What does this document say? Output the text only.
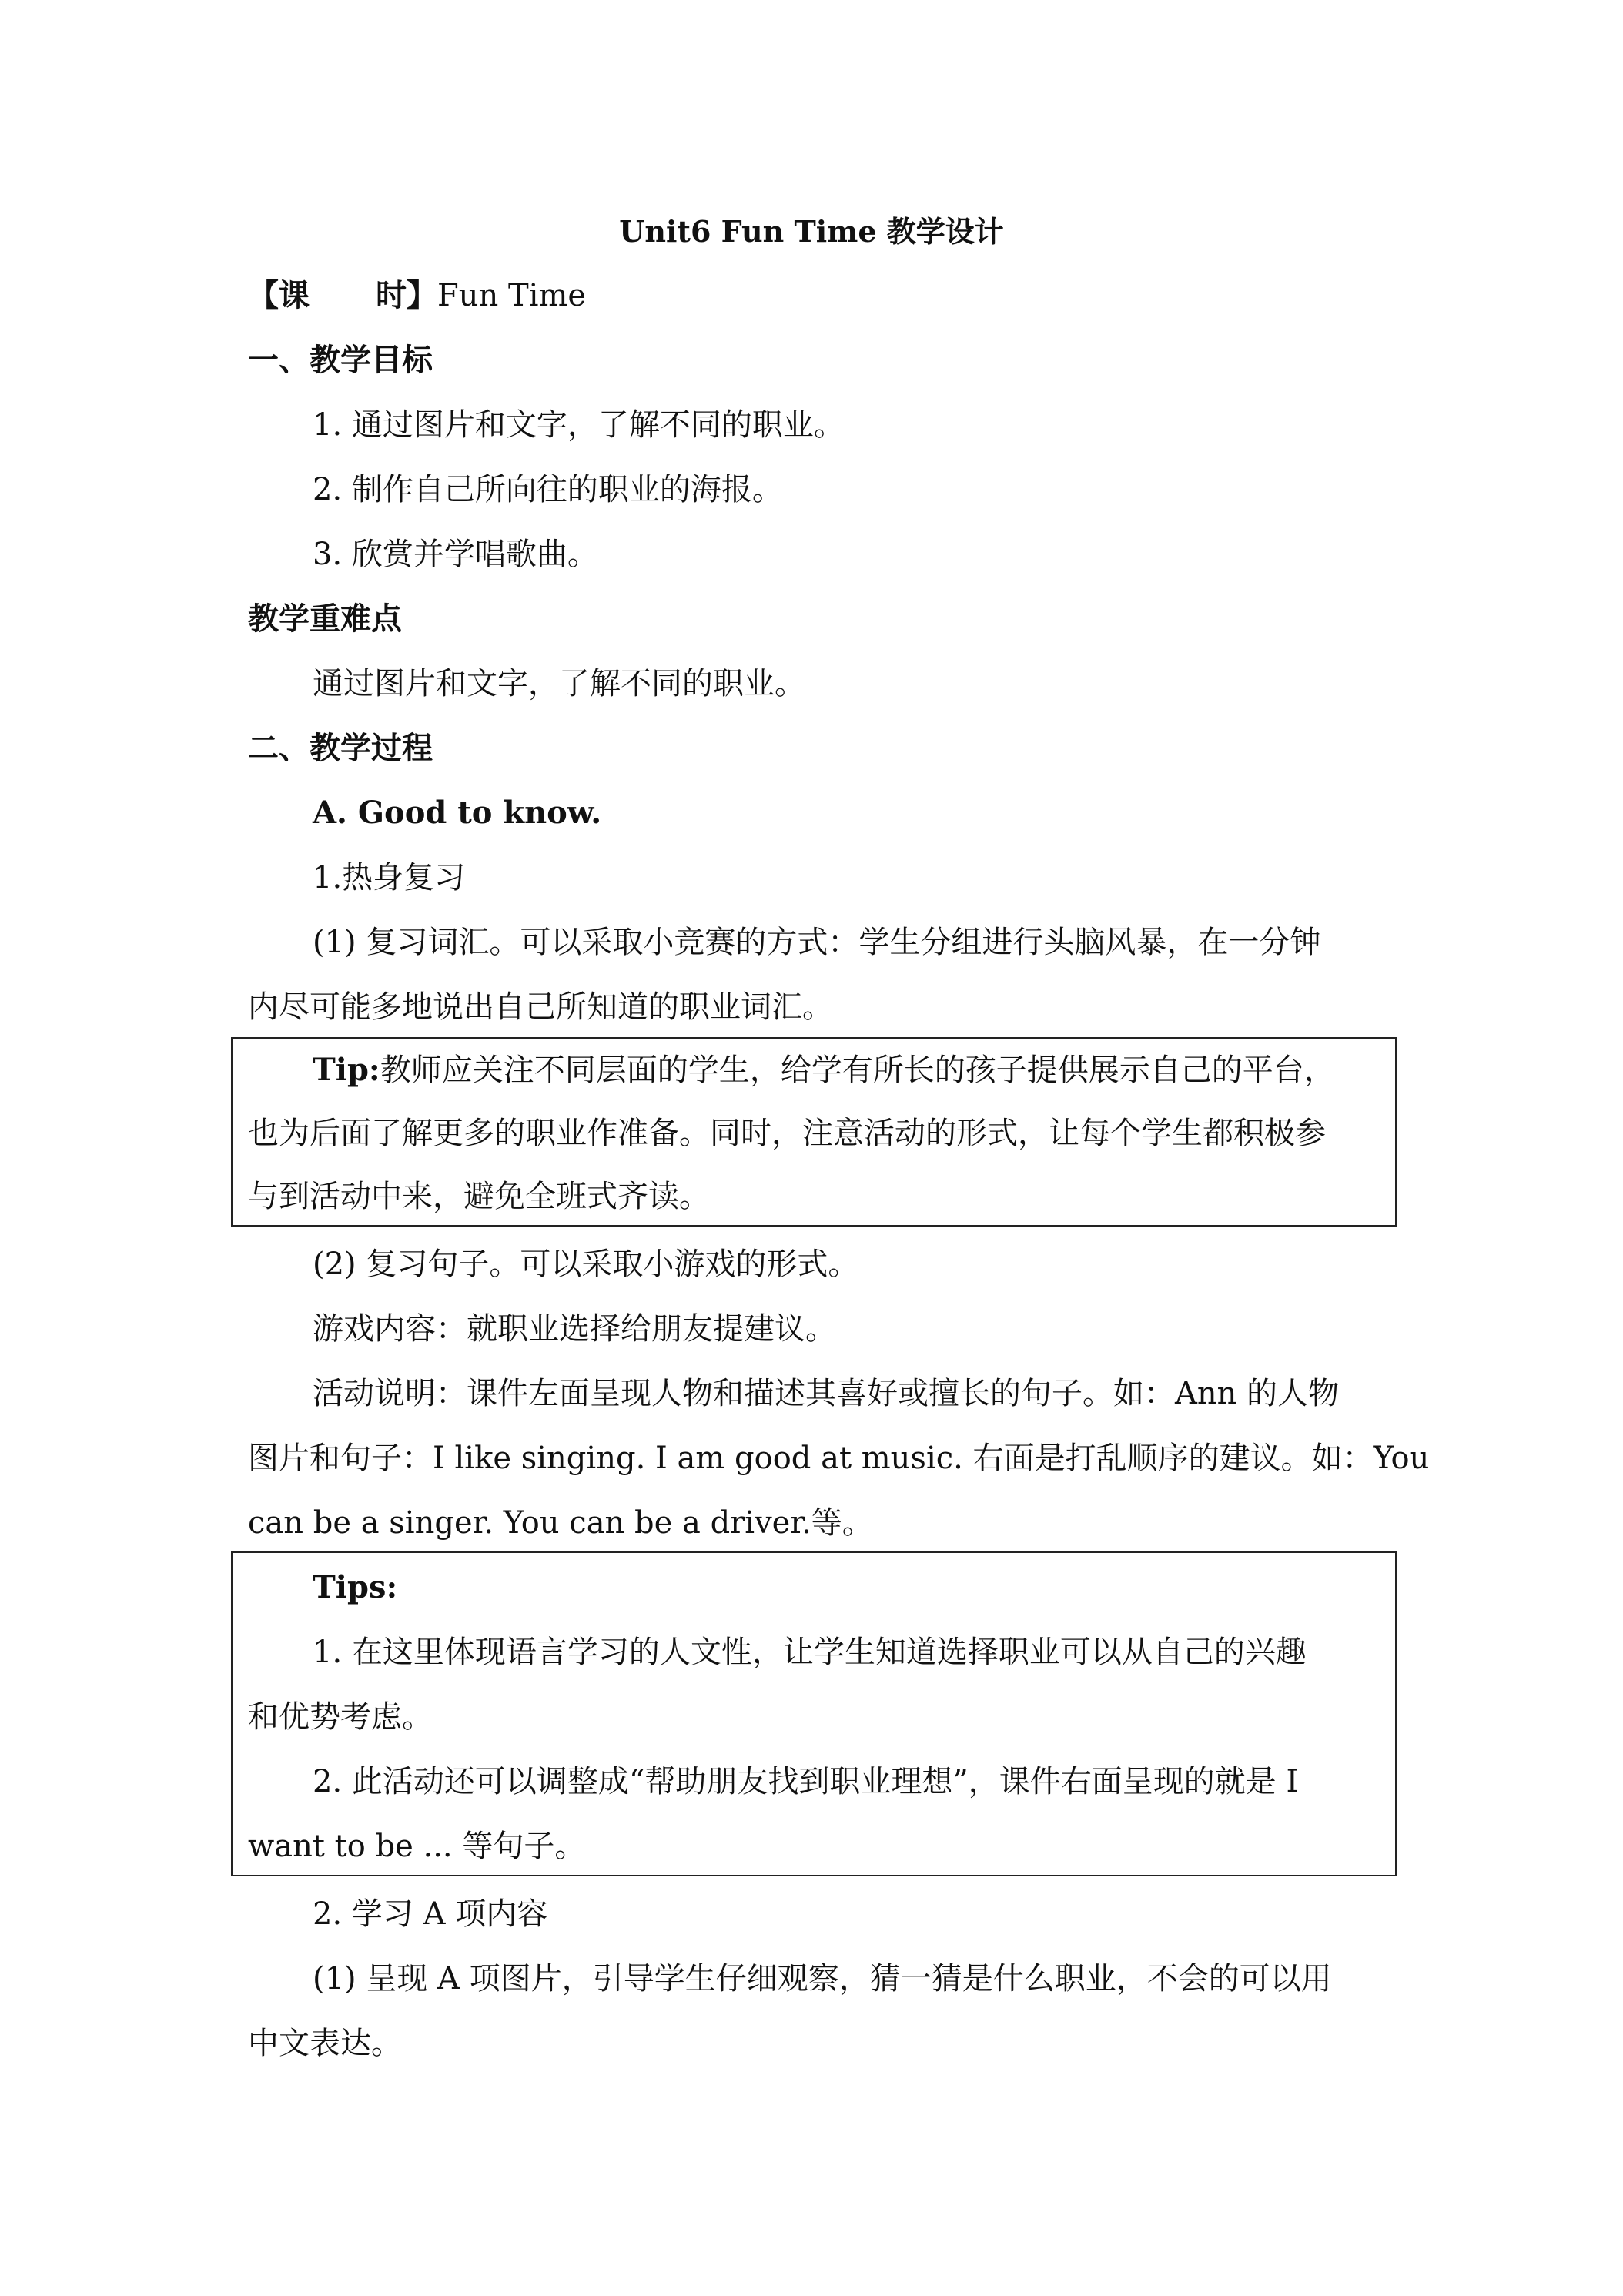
Unit6 Fun Time 教学设计
【课 时】Fun Time
一、教学目标
1. 通过图片和文字，了解不同的职业。
2. 制作自己所向往的职业的海报。
3. 欣赏并学唱歌曲。
教学重难点
通过图片和文字，了解不同的职业。
二、教学过程
A. Good to know.
1.热身复习
(1) 复习词汇。可以采取小竞赛的方式：学生分组进行头脑风暴，在一分钟
内尽可能多地说出自己所知道的职业词汇。
Tip:教师应关注不同层面的学生，给学有所长的孩子提供展示自己的平台，
也为后面了解更多的职业作准备。同时，注意活动的形式，让每个学生都积极参
与到活动中来，避免全班式齐读。
(2) 复习句子。可以采取小游戏的形式。
游戏内容：就职业选择给朋友提建议。
活动说明：课件左面呈现人物和描述其喜好或擅长的句子。如：Ann 的人物
图片和句子：I like singing. I am good at music. 右面是打乱顺序的建议。如：You
can be a singer. You can be a driver.等。
Tips:
1. 在这里体现语言学习的人文性，让学生知道选择职业可以从自己的兴趣
和优势考虑。
2. 此活动还可以调整成“帮助朋友找到职业理想”，课件右面呈现的就是 I
want to be ... 等句子。
2. 学习 A 项内容
(1) 呈现 A 项图片，引导学生仔细观察，猜一猜是什么职业，不会的可以用
中文表达。
